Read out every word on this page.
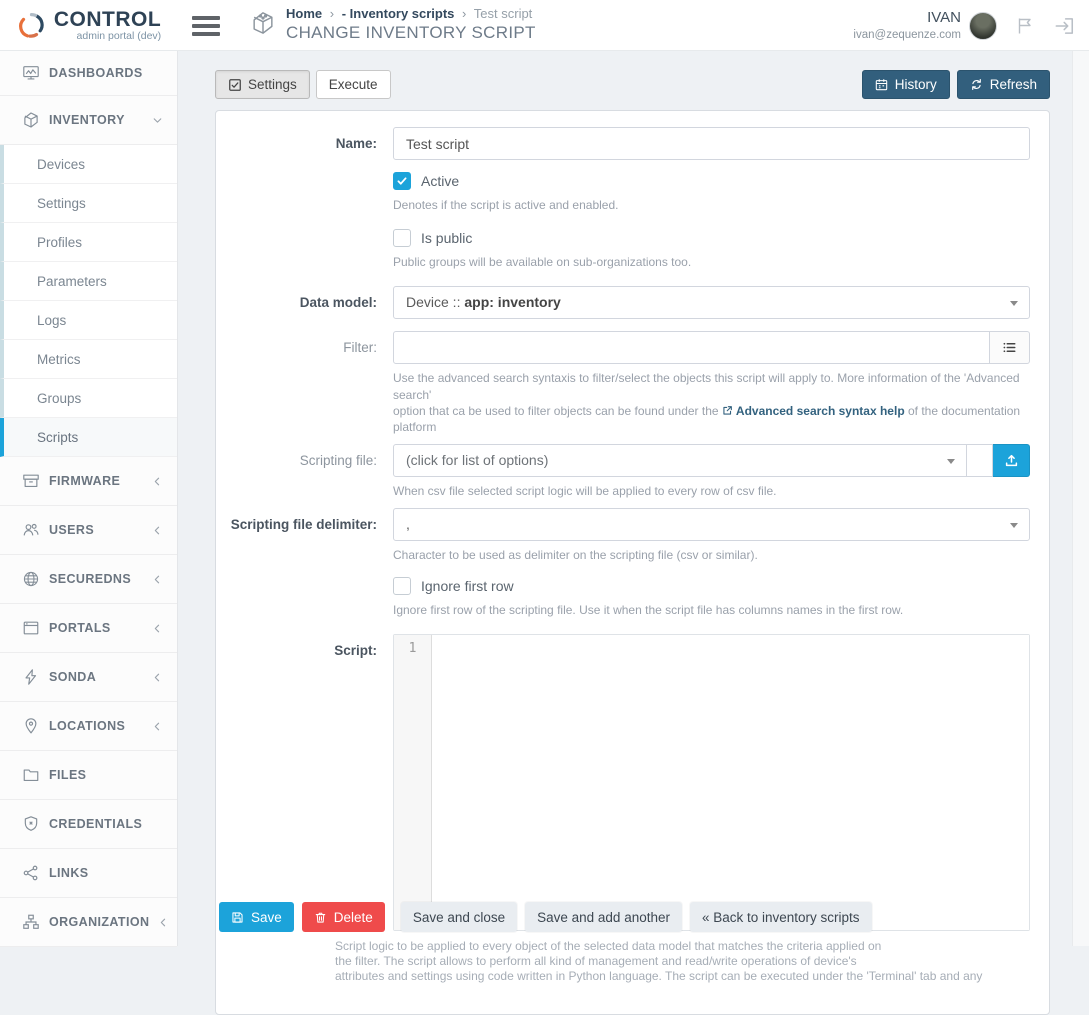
CONTROL
admin portal (dev)
Home › - Inventory scripts › Test script
CHANGE INVENTORY SCRIPT
IVAN
ivan@zequenze.com
DASHBOARDS
INVENTORY
Devices
Settings
Profiles
Parameters
Logs
Metrics
Groups
Scripts
FIRMWARE
USERS
SECUREDNS
PORTALS
SONDA
LOCATIONS
FILES
CREDENTIALS
LINKS
ORGANIZATION
Settings Execute	History	Refresh
Name:
Test script
Active
Denotes if the script is active and enabled.
Is public
Public groups will be available on sub-organizations too.
Data model:	Device :: app: inventory
Filter:
Use the advanced search syntaxis to filter/select the objects this script will apply to. More information of the 'Advanced search'
option that ca be used to filter objects can be found under the Advanced search syntax help of the documentation platform
Scripting file:	(click for list of options)
When csv file selected script logic will be applied to every row of csv file.
Scripting file delimiter:	,
Character to be used as delimiter on the scripting file (csv or similar).
Ignore first row
Ignore first row of the scripting file. Use it when the script file has columns names in the first row.
Script:	1
Script logic to be applied to every object of the selected data model that matches the criteria applied on
the filter. The script allows to perform all kind of management and read/write operations of device's
attributes and settings using code written in Python language. The script can be executed under the 'Terminal' tab and any
Save	Delete	Save and close Save and add another « Back to inventory scripts
